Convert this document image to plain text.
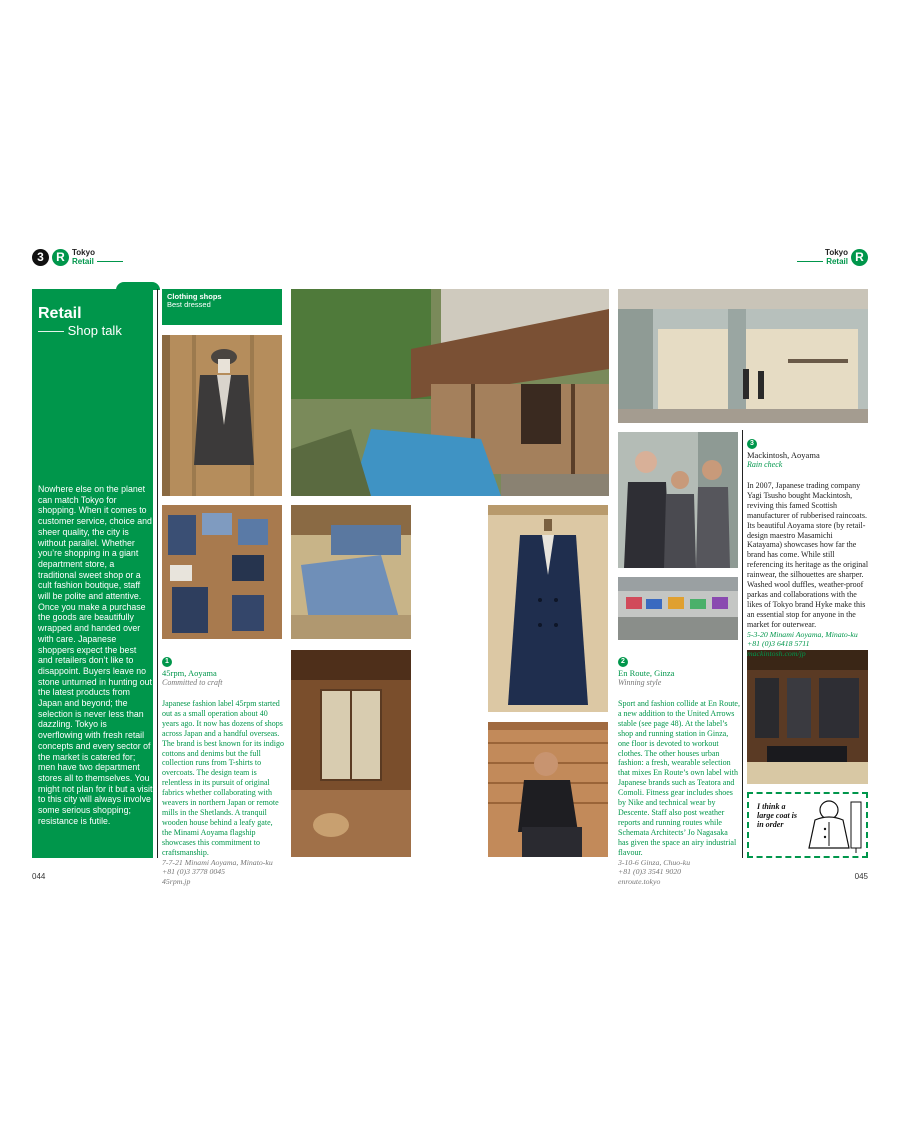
3	R Tokyo
Retail
Tokyo
Retail R
Retail
—— Shop talk
Nowhere else on the planet can match Tokyo for shopping. When it comes to customer service, choice and sheer quality, the city is without parallel. Whether you’re shopping in a giant department store, a traditional sweet shop or a cult fashion boutique, staff will be polite and attentive. Once you make a purchase the goods are beautifully wrapped and handed over with care. Japanese shoppers expect the best and retailers don’t like to disappoint. Buyers leave no stone unturned in hunting out the latest products from Japan and beyond; the selection is never less than dazzling. Tokyo is overflowing with fresh retail concepts and every sector of the market is catered for; men have two department stores all to themselves. You might not plan for it but a visit to this city will always involve some serious shopping; resistance is futile.
Clothing shops
Best dressed
1
45rpm, Aoyama
Committed to craft
Japanese fashion label 45rpm started out as a small operation about 40 years ago. It now has dozens of shops across Japan and a handful overseas. The brand is best known for its indigo cottons and denims but the full collection runs from T-shirts to overcoats. The design team is relentless in its pursuit of original fabrics whether collaborating with weavers in northern Japan or remote mills in the Shetlands. A tranquil wooden house behind a leafy gate, the Minami Aoyama flagship showcases this commitment to craftsmanship.
7-7-21 Minami Aoyama, Minato-ku
+81 (0)3 3778 0045
45rpm.jp
2
En Route, Ginza
Winning style
Sport and fashion collide at En Route, a new addition to the United Arrows stable (see page 48). At the label’s shop and running station in Ginza, one floor is devoted to workout clothes. The other houses urban fashion: a fresh, wearable selection that mixes En Route’s own label with Japanese brands such as Teatora and Comoli. Fitness gear includes shoes by Nike and technical wear by Descente. Staff also post weather reports and running routes while Schemata Architects’ Jo Nagasaka has given the space an airy industrial flavour.
3-10-6 Ginza, Chuo-ku
+81 (0)3 3541 9020
enroute.tokyo
3
Mackintosh, Aoyama
Rain check
In 2007, Japanese trading company Yagi Tsusho bought Mackintosh, reviving this famed Scottish manufacturer of rubberised raincoats. Its beautiful Aoyama store (by retail-design maestro Masamichi Katayama) showcases how far the brand has come. While still referencing its heritage as the original rainwear, the silhouettes are sharper. Washed wool duffles, weather-proof parkas and collaborations with the likes of Tokyo brand Hyke make this an essential stop for anyone in the market for outerwear.
5-3-20 Minami Aoyama, Minato-ku
+81 (0)3 6418 5711
mackintosh.com/jp
I think a large coat is in order
044	045
